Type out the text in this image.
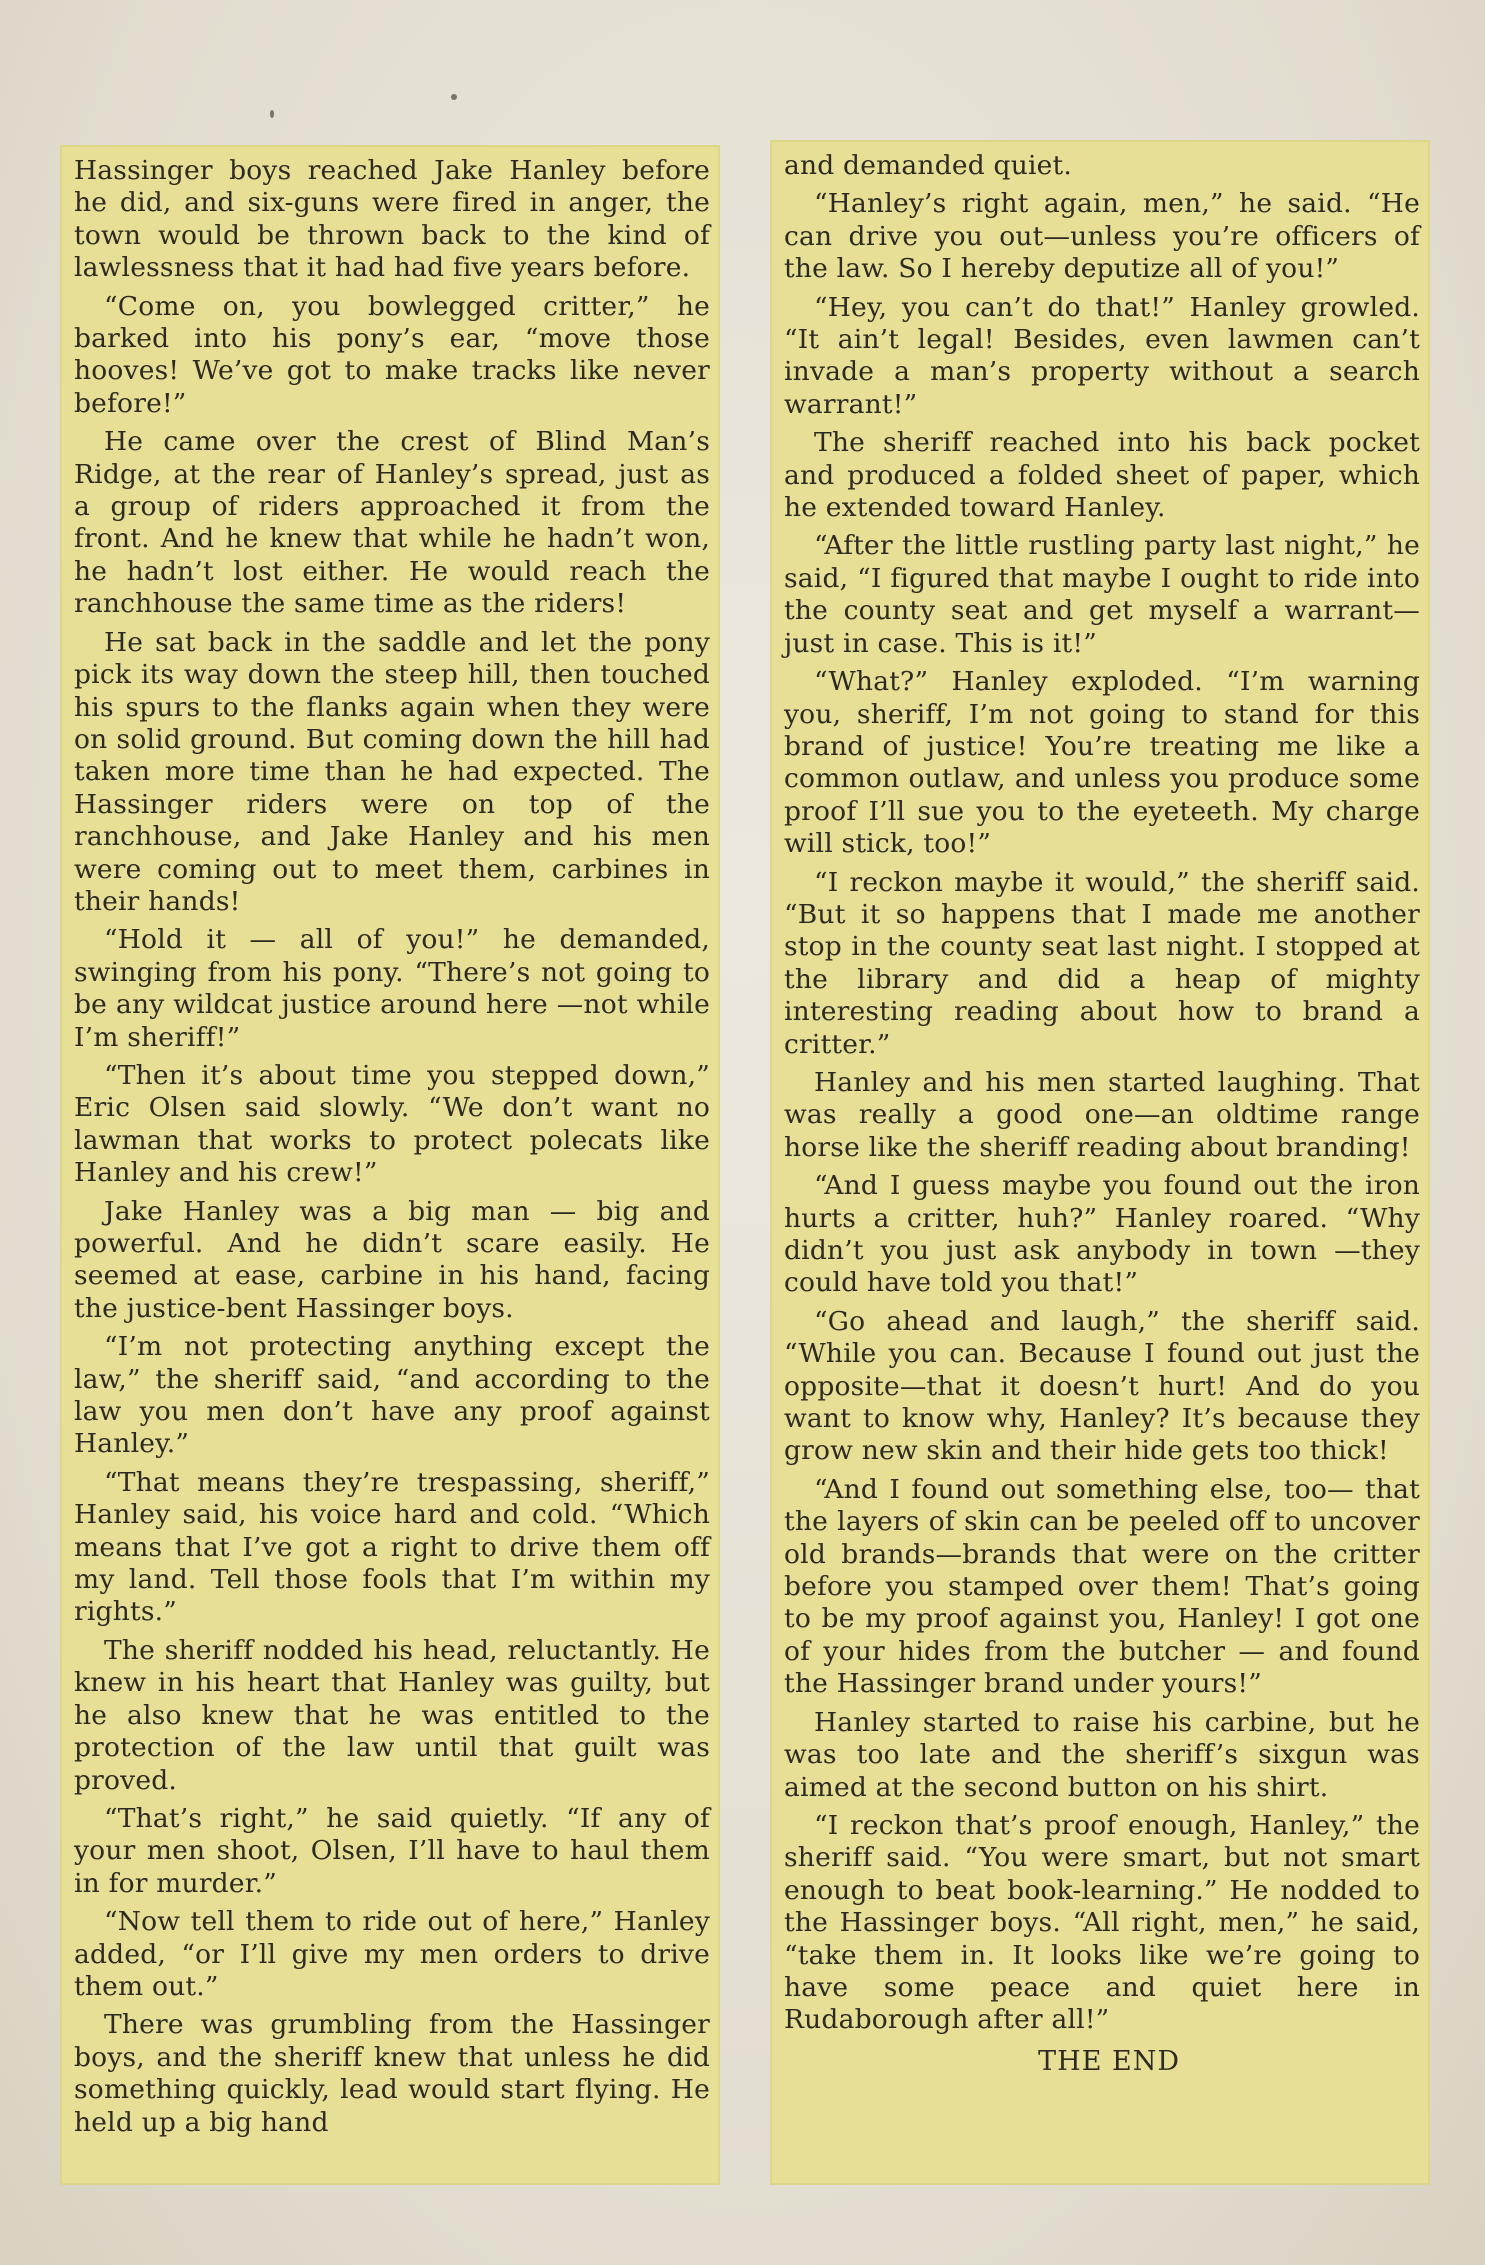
Hassinger boys reached Jake Hanley before he did, and six-guns were fired in anger, the town would be thrown back to the kind of lawlessness that it had had five years before.

“Come on, you bowlegged critter,” he barked into his pony’s ear, “move those hooves! We’ve got to make tracks like never before!”

He came over the crest of Blind Man’s Ridge, at the rear of Hanley’s spread, just as a group of riders approached it from the front. And he knew that while he hadn’t won, he hadn’t lost either. He would reach the ranchhouse the same time as the riders!

He sat back in the saddle and let the pony pick its way down the steep hill, then touched his spurs to the flanks again when they were on solid ground. But coming down the hill had taken more time than he had expected. The Hassinger riders were on top of the ranchhouse, and Jake Hanley and his men were coming out to meet them, carbines in their hands!

“Hold it — all of you!” he demanded, swinging from his pony. “There’s not going to be any wildcat justice around here —not while I’m sheriff!”

“Then it’s about time you stepped down,” Eric Olsen said slowly. “We don’t want no lawman that works to protect polecats like Hanley and his crew!”

Jake Hanley was a big man — big and powerful. And he didn’t scare easily. He seemed at ease, carbine in his hand, facing the justice-bent Hassinger boys.

“I’m not protecting anything except the law,” the sheriff said, “and according to the law you men don’t have any proof against Hanley.”

“That means they’re trespassing, sheriff,” Hanley said, his voice hard and cold. “Which means that I’ve got a right to drive them off my land. Tell those fools that I’m within my rights.”

The sheriff nodded his head, reluctantly. He knew in his heart that Hanley was guilty, but he also knew that he was entitled to the protection of the law until that guilt was proved.

“That’s right,” he said quietly. “If any of your men shoot, Olsen, I’ll have to haul them in for murder.”

“Now tell them to ride out of here,” Hanley added, “or I’ll give my men orders to drive them out.”

There was grumbling from the Hassinger boys, and the sheriff knew that unless he did something quickly, lead would start flying. He held up a big hand

and demanded quiet.

“Hanley’s right again, men,” he said. “He can drive you out—unless you’re officers of the law. So I hereby deputize all of you!”

“Hey, you can’t do that!” Hanley growled. “It ain’t legal! Besides, even lawmen can’t invade a man’s property without a search warrant!”

The sheriff reached into his back pocket and produced a folded sheet of paper, which he extended toward Hanley.

“After the little rustling party last night,” he said, “I figured that maybe I ought to ride into the county seat and get myself a warrant—just in case. This is it!”

“What?” Hanley exploded. “I’m warning you, sheriff, I’m not going to stand for this brand of justice! You’re treating me like a common outlaw, and unless you produce some proof I’ll sue you to the eyeteeth. My charge will stick, too!”

“I reckon maybe it would,” the sheriff said. “But it so happens that I made me another stop in the county seat last night. I stopped at the library and did a heap of mighty interesting reading about how to brand a critter.”

Hanley and his men started laughing. That was really a good one—an oldtime range horse like the sheriff reading about branding!

“And I guess maybe you found out the iron hurts a critter, huh?” Hanley roared. “Why didn’t you just ask anybody in town —they could have told you that!”

“Go ahead and laugh,” the sheriff said. “While you can. Because I found out just the opposite—that it doesn’t hurt! And do you want to know why, Hanley? It’s because they grow new skin and their hide gets too thick!

“And I found out something else, too— that the layers of skin can be peeled off to uncover old brands—brands that were on the critter before you stamped over them! That’s going to be my proof against you, Hanley! I got one of your hides from the butcher — and found the Hassinger brand under yours!”

Hanley started to raise his carbine, but he was too late and the sheriff’s sixgun was aimed at the second button on his shirt.

“I reckon that’s proof enough, Hanley,” the sheriff said. “You were smart, but not smart enough to beat book-learning.” He nodded to the Hassinger boys. “All right, men,” he said, “take them in. It looks like we’re going to have some peace and quiet here in Rudaborough after all!”

THE END
